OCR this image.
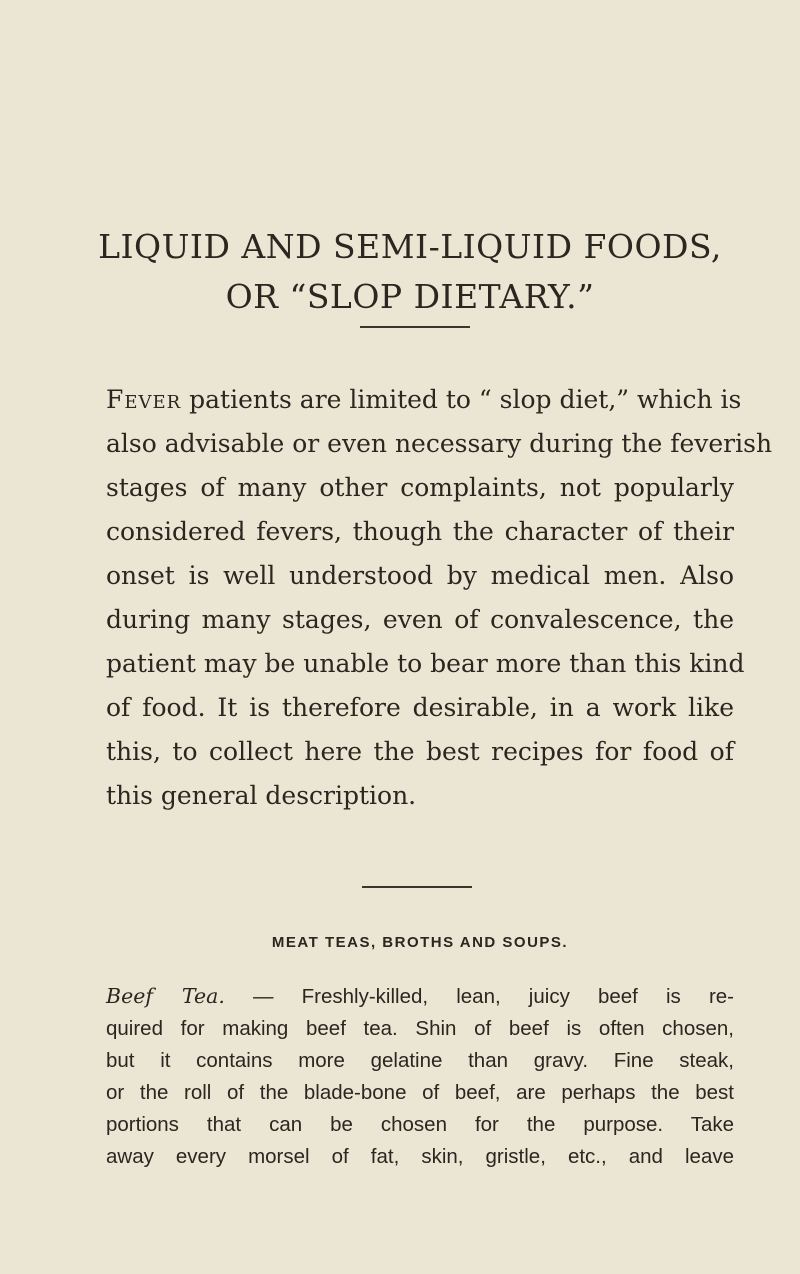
LIQUID AND SEMI-LIQUID FOODS,
OR “SLOP DIETARY.”
Fever patients are limited to “ slop diet,” which is
also advisable or even necessary during the feverish
stages of many other complaints, not popularly
considered fevers, though the character of their
onset is well understood by medical men. Also
during many stages, even of convalescence, the
patient may be unable to bear more than this kind
of food. It is therefore desirable, in a work like
this, to collect here the best recipes for food of
this general description.
MEAT TEAS, BROTHS AND SOUPS.
Beef Tea. — Freshly-killed, lean, juicy beef is re-
quired for making beef tea. Shin of beef is often chosen,
but it contains more gelatine than gravy. Fine steak,
or the roll of the blade-bone of beef, are perhaps the best
portions that can be chosen for the purpose. Take
away every morsel of fat, skin, gristle, etc., and leave
